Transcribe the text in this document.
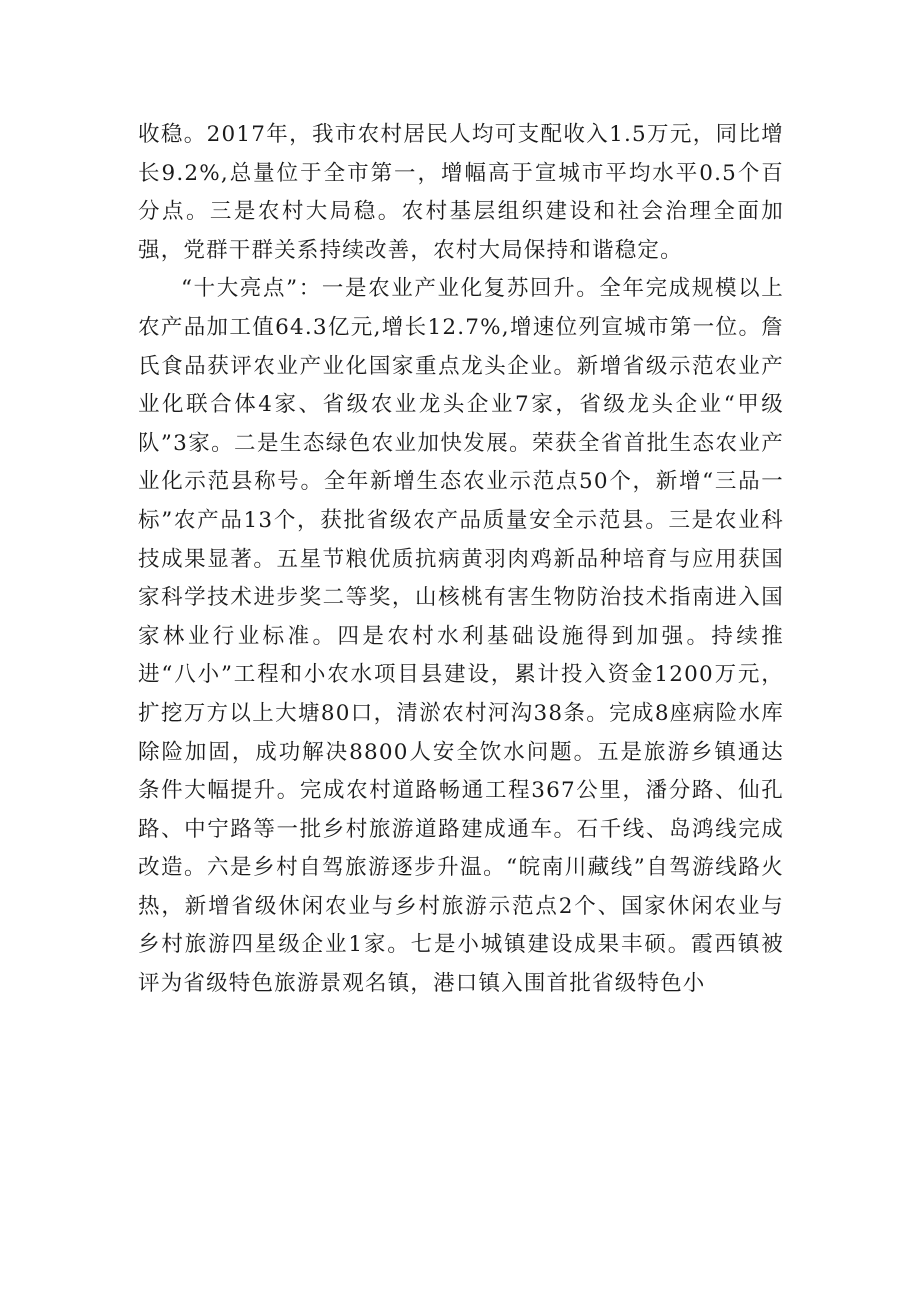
收稳。2017年，我市农村居民人均可支配收入1.5万元，同比增长9.2%,总量位于全市第一，增幅高于宣城市平均水平0.5个百分点。三是农村大局稳。农村基层组织建设和社会治理全面加强，党群干群关系持续改善，农村大局保持和谐稳定。

“十大亮点”：一是农业产业化复苏回升。全年完成规模以上农产品加工值64.3亿元,增长12.7%,增速位列宣城市第一位。詹氏食品获评农业产业化国家重点龙头企业。新增省级示范农业产业化联合体4家、省级农业龙头企业7家，省级龙头企业“甲级队”3家。二是生态绿色农业加快发展。荣获全省首批生态农业产业化示范县称号。全年新增生态农业示范点50个，新增“三品一标”农产品13个，获批省级农产品质量安全示范县。三是农业科技成果显著。五星节粮优质抗病黄羽肉鸡新品种培育与应用获国家科学技术进步奖二等奖，山核桃有害生物防治技术指南进入国家林业行业标准。四是农村水利基础设施得到加强。持续推进“八小”工程和小农水项目县建设，累计投入资金1200万元，扩挖万方以上大塘80口，清淤农村河沟38条。完成8座病险水库除险加固，成功解决8800人安全饮水问题。五是旅游乡镇通达条件大幅提升。完成农村道路畅通工程367公里，潘分路、仙孔路、中宁路等一批乡村旅游道路建成通车。石千线、岛鸿线完成改造。六是乡村自驾旅游逐步升温。“皖南川藏线”自驾游线路火热，新增省级休闲农业与乡村旅游示范点2个、国家休闲农业与乡村旅游四星级企业1家。七是小城镇建设成果丰硕。霞西镇被评为省级特色旅游景观名镇，港口镇入围首批省级特色小
